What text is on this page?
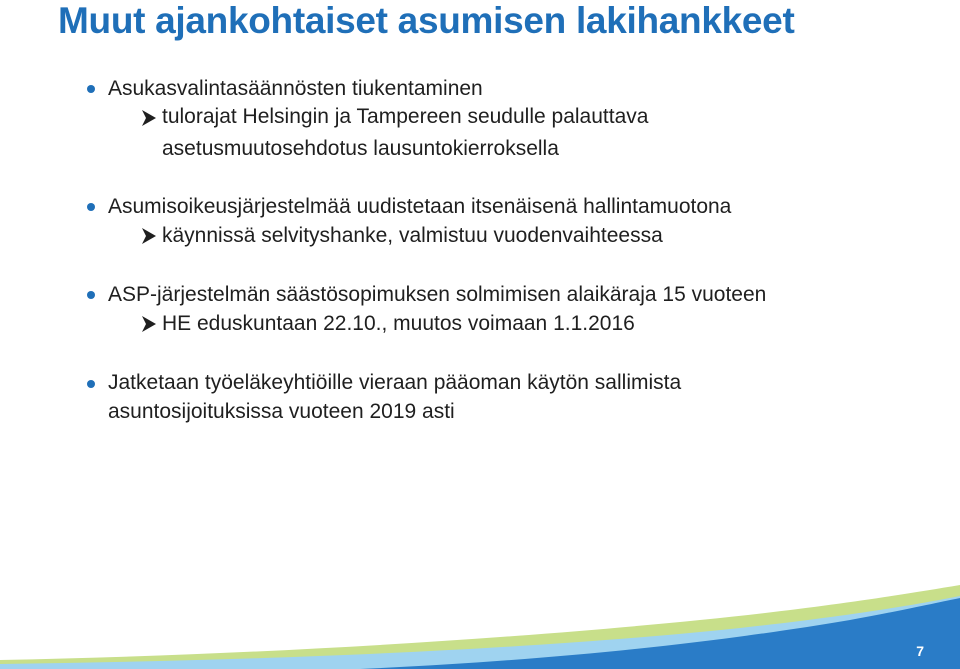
Muut ajankohtaiset asumisen lakihankkeet
Asukasvalintasäännösten tiukentaminen
tulorajat Helsingin ja Tampereen seudulle palauttava
asetusmuutosehdotus lausuntokierroksella
Asumisoikeusjärjestelmää uudistetaan itsenäisenä hallintamuotona
käynnissä selvityshanke, valmistuu vuodenvaihteessa
ASP-järjestelmän säästösopimuksen solmimisen alaikäraja 15 vuoteen
HE eduskuntaan 22.10., muutos voimaan 1.1.2016
Jatketaan työeläkeyhtiöille vieraan pääoman käytön sallimista
asuntosijoituksissa vuoteen 2019 asti
7
